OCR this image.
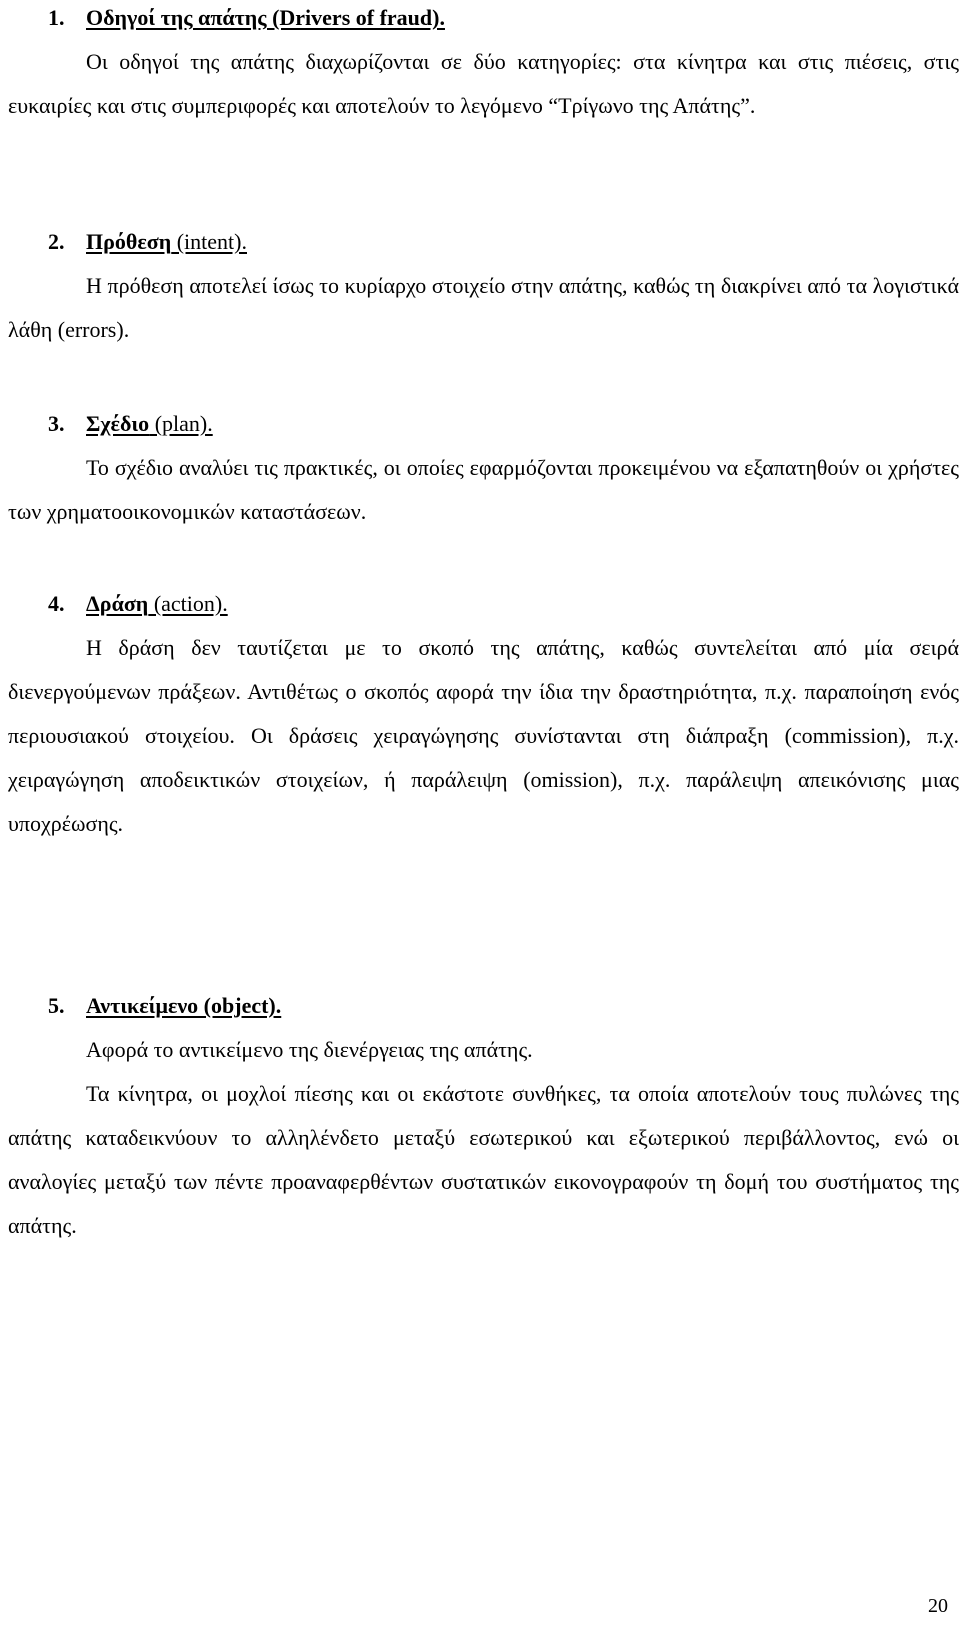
1. Οδηγοί της απάτης (Drivers of fraud).

Οι οδηγοί της απάτης διαχωρίζονται σε δύο κατηγορίες: στα κίνητρα και στις πιέσεις, στις ευκαιρίες και στις συμπεριφορές και αποτελούν το λεγόμενο “Τρίγωνο της Απάτης”.

2. Πρόθεση (intent).

Η πρόθεση αποτελεί ίσως το κυρίαρχο στοιχείο στην απάτης, καθώς τη διακρίνει από τα λογιστικά λάθη (errors).

3. Σχέδιο (plan).

Το σχέδιο αναλύει τις πρακτικές, οι οποίες εφαρμόζονται προκειμένου να εξαπατηθούν οι χρήστες των χρηματοοικονομικών καταστάσεων.

4. Δράση (action).

Η δράση δεν ταυτίζεται με το σκοπό της απάτης, καθώς συντελείται από μία σειρά διενεργούμενων πράξεων. Αντιθέτως ο σκοπός αφορά την ίδια την δραστηριότητα, π.χ. παραποίηση ενός περιουσιακού στοιχείου. Οι δράσεις χειραγώγησης συνίστανται στη διάπραξη (commission), π.χ. χειραγώγηση αποδεικτικών στοιχείων, ή παράλειψη (omission), π.χ. παράλειψη απεικόνισης μιας υποχρέωσης.

5. Αντικείμενο (object).

Αφορά το αντικείμενο της διενέργειας της απάτης.

Τα κίνητρα, οι μοχλοί πίεσης και οι εκάστοτε συνθήκες, τα οποία αποτελούν τους πυλώνες της απάτης καταδεικνύουν το αλληλένδετο μεταξύ εσωτερικού και εξωτερικού περιβάλλοντος, ενώ οι αναλογίες μεταξύ των πέντε προαναφερθέντων συστατικών εικονογραφούν τη δομή του συστήματος της απάτης.

20
